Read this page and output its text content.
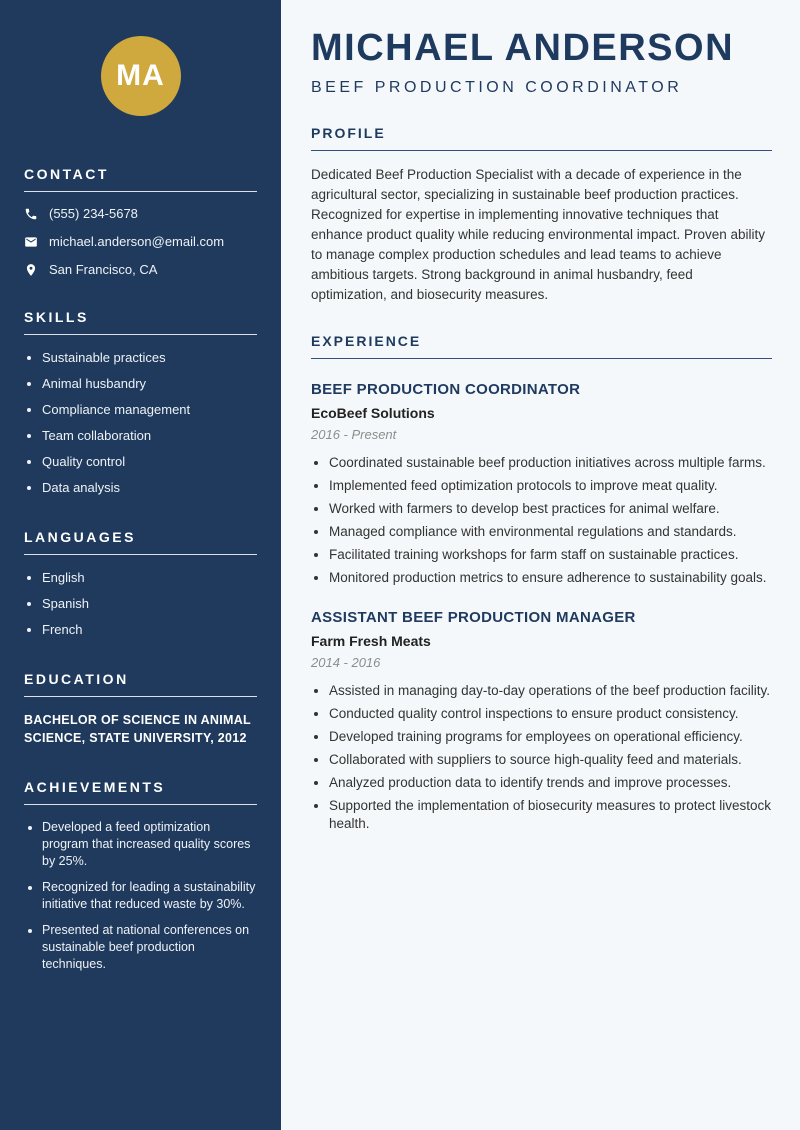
MA
CONTACT
(555) 234-5678
michael.anderson@email.com
San Francisco, CA
SKILLS
• Sustainable practices
• Animal husbandry
• Compliance management
• Team collaboration
• Quality control
• Data analysis
LANGUAGES
• English
• Spanish
• French
EDUCATION

BACHELOR OF SCIENCE IN ANIMAL SCIENCE, STATE UNIVERSITY, 2012

ACHIEVEMENTS
• Developed a feed optimization program that increased quality scores by 25%.
• Recognized for leading a sustainability initiative that reduced waste by 30%.
• Presented at national conferences on sustainable beef production techniques.
MICHAEL ANDERSON
BEEF PRODUCTION COORDINATOR
PROFILE

Dedicated Beef Production Specialist with a decade of experience in the agricultural sector, specializing in sustainable beef production practices. Recognized for expertise in implementing innovative techniques that enhance product quality while reducing environmental impact. Proven ability to manage complex production schedules and lead teams to achieve ambitious targets. Strong background in animal husbandry, feed optimization, and biosecurity measures.

EXPERIENCE
BEEF PRODUCTION COORDINATOR
EcoBeef Solutions
2016 - Present
• Coordinated sustainable beef production initiatives across multiple farms.
• Implemented feed optimization protocols to improve meat quality.
• Worked with farmers to develop best practices for animal welfare.
• Managed compliance with environmental regulations and standards.
• Facilitated training workshops for farm staff on sustainable practices.
• Monitored production metrics to ensure adherence to sustainability goals.
ASSISTANT BEEF PRODUCTION MANAGER
Farm Fresh Meats
2014 - 2016
• Assisted in managing day-to-day operations of the beef production facility.
• Conducted quality control inspections to ensure product consistency.
• Developed training programs for employees on operational efficiency.
• Collaborated with suppliers to source high-quality feed and materials.
• Analyzed production data to identify trends and improve processes.
• Supported the implementation of biosecurity measures to protect livestock health.
